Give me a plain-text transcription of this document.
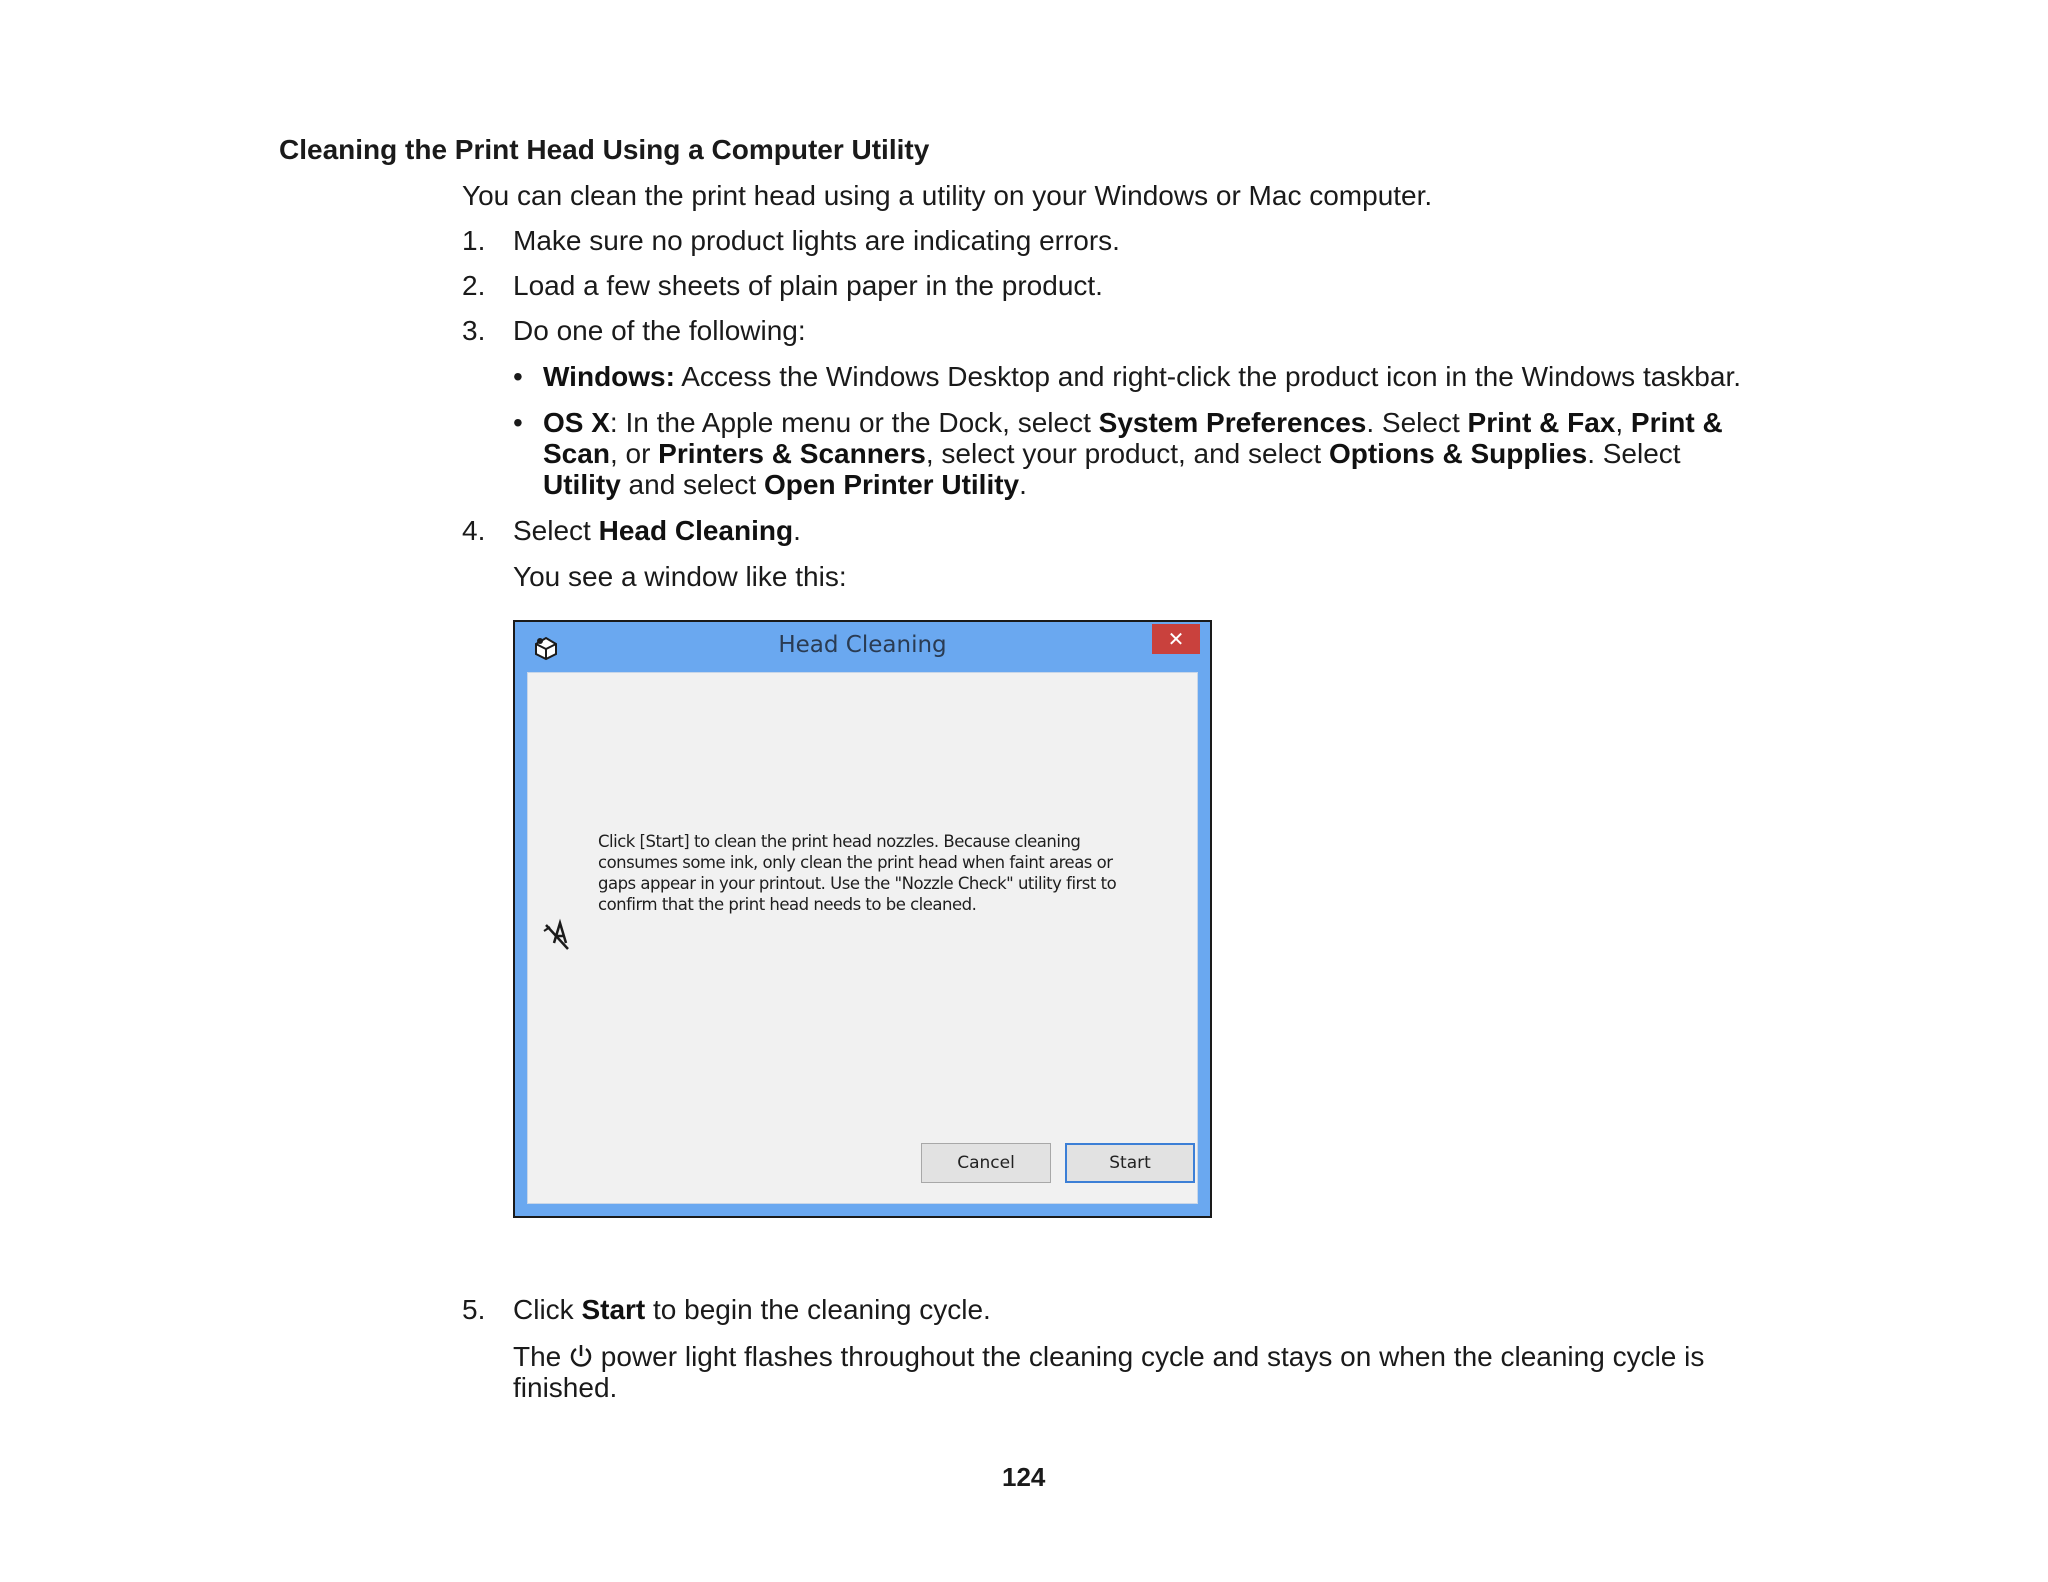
Cleaning the Print Head Using a Computer Utility
You can clean the print head using a utility on your Windows or Mac computer.
1. Make sure no product lights are indicating errors.
2. Load a few sheets of plain paper in the product.
3. Do one of the following:
• Windows: Access the Windows Desktop and right-click the product icon in the Windows taskbar.
• OS X: In the Apple menu or the Dock, select System Preferences. Select Print & Fax, Print &
Scan, or Printers & Scanners, select your product, and select Options & Supplies. Select
Utility and select Open Printer Utility.
4. Select Head Cleaning.
You see a window like this:
Head Cleaning	✕
Click [Start] to clean the print head nozzles. Because cleaning consumes some ink, only clean the print head when faint areas or gaps appear in your printout. Use the "Nozzle Check" utility first to confirm that the print head needs to be cleaned.
Cancel	Start
5. Click Start to begin the cleaning cycle.
The  power light flashes throughout the cleaning cycle and stays on when the cleaning cycle is
finished.
124
